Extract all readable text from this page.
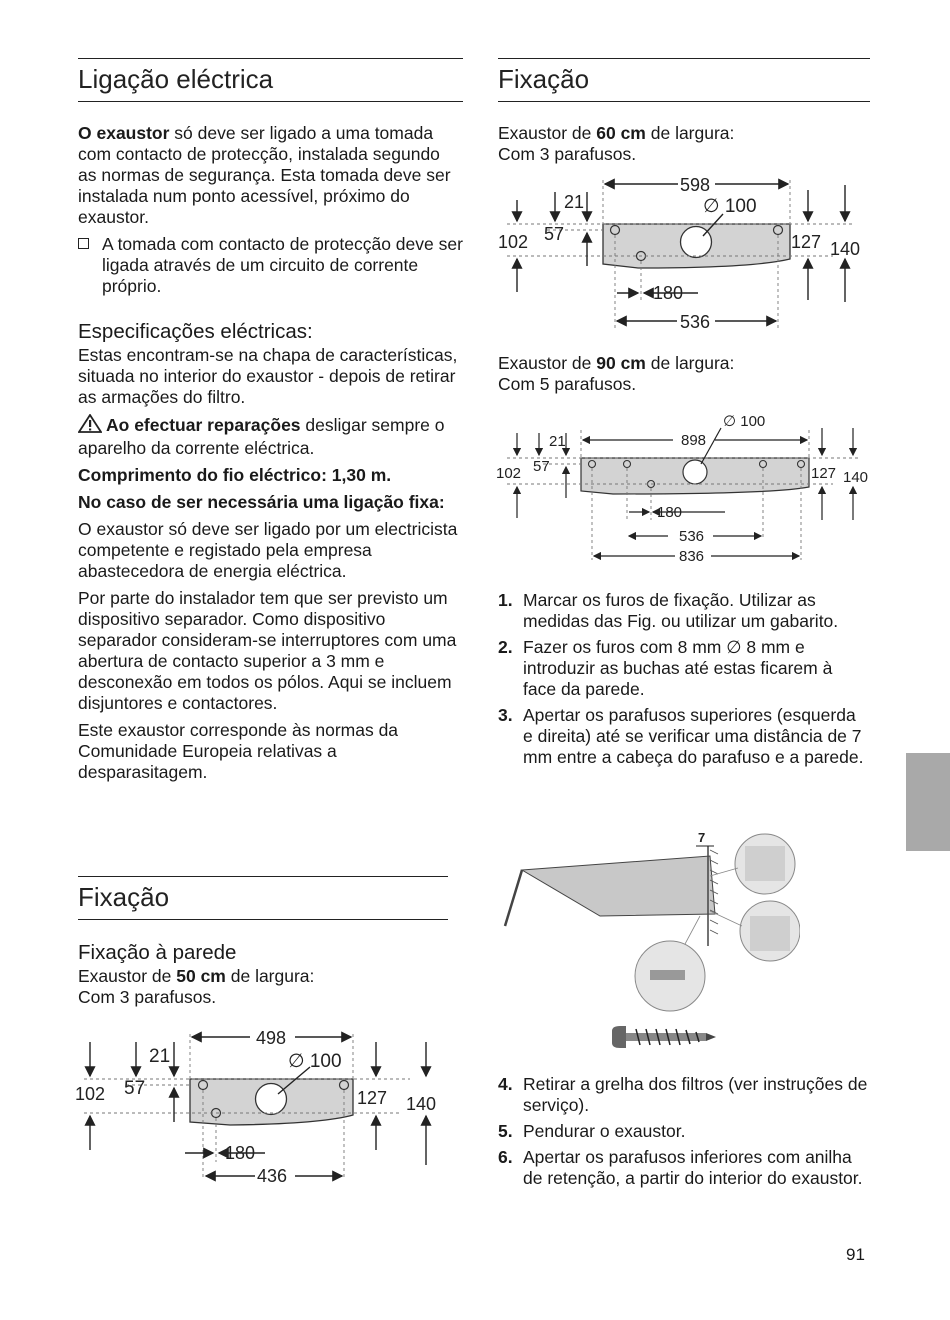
Ligação eléctrica

O exaustor só deve ser ligado a uma tomada com contacto de protecção, instalada segundo as normas de segurança. Esta tomada deve ser instalada num ponto acessível, próximo do exaustor.

A tomada com contacto de protecção deve ser ligada através de um circuito de corrente próprio.

Especificações eléctricas:

Estas encontram-se na chapa de características, situada no interior do exaustor - depois de retirar as armações do filtro.

Ao efectuar reparações desligar sempre o aparelho da corrente eléctrica.

Comprimento do fio eléctrico: 1,30 m.

No caso de ser necessária uma ligação fixa:

O exaustor só deve ser ligado por um electricista competente e registado pela empresa abastecedora de energia eléctrica.

Por parte do instalador tem que ser previsto um dispositivo separador. Como dispositivo separador consideram-se interruptores com uma abertura de contacto superior a 3 mm e desconexão em todos os pólos. Aqui se incluem disjuntores e contactores.

Este exaustor corresponde às normas da Comunidade Europeia relativas a desparasitagem.

Fixação
Fixação à parede

Exaustor de 50 cm de largura:

Com 3 parafusos.

498
∅ 100
21
57
102	127 140
180
436
Fixação

Exaustor de 60 cm de largura:

Com 3 parafusos.

598
∅ 100
21
57
102	127 140
180
536

Exaustor de 90 cm de largura:

Com 5 parafusos.

898
∅ 100
21
57
102	127 140
180
536
836
1. Marcar os furos de fixação. Utilizar as medidas das Fig. ou utilizar um gabarito.
2. Fazer os furos com 8 mm ∅ 8 mm e introduzir as buchas até estas ficarem à face da parede.
3. Apertar os parafusos superiores (esquerda e direita) até se verificar uma distância de 7 mm entre a cabeça do parafuso e a parede.
7
4. Retirar a grelha dos filtros (ver instruções de serviço).
5. Pendurar o exaustor.
6. Apertar os parafusos inferiores com anilha de retenção, a partir do interior do exaustor.
91
